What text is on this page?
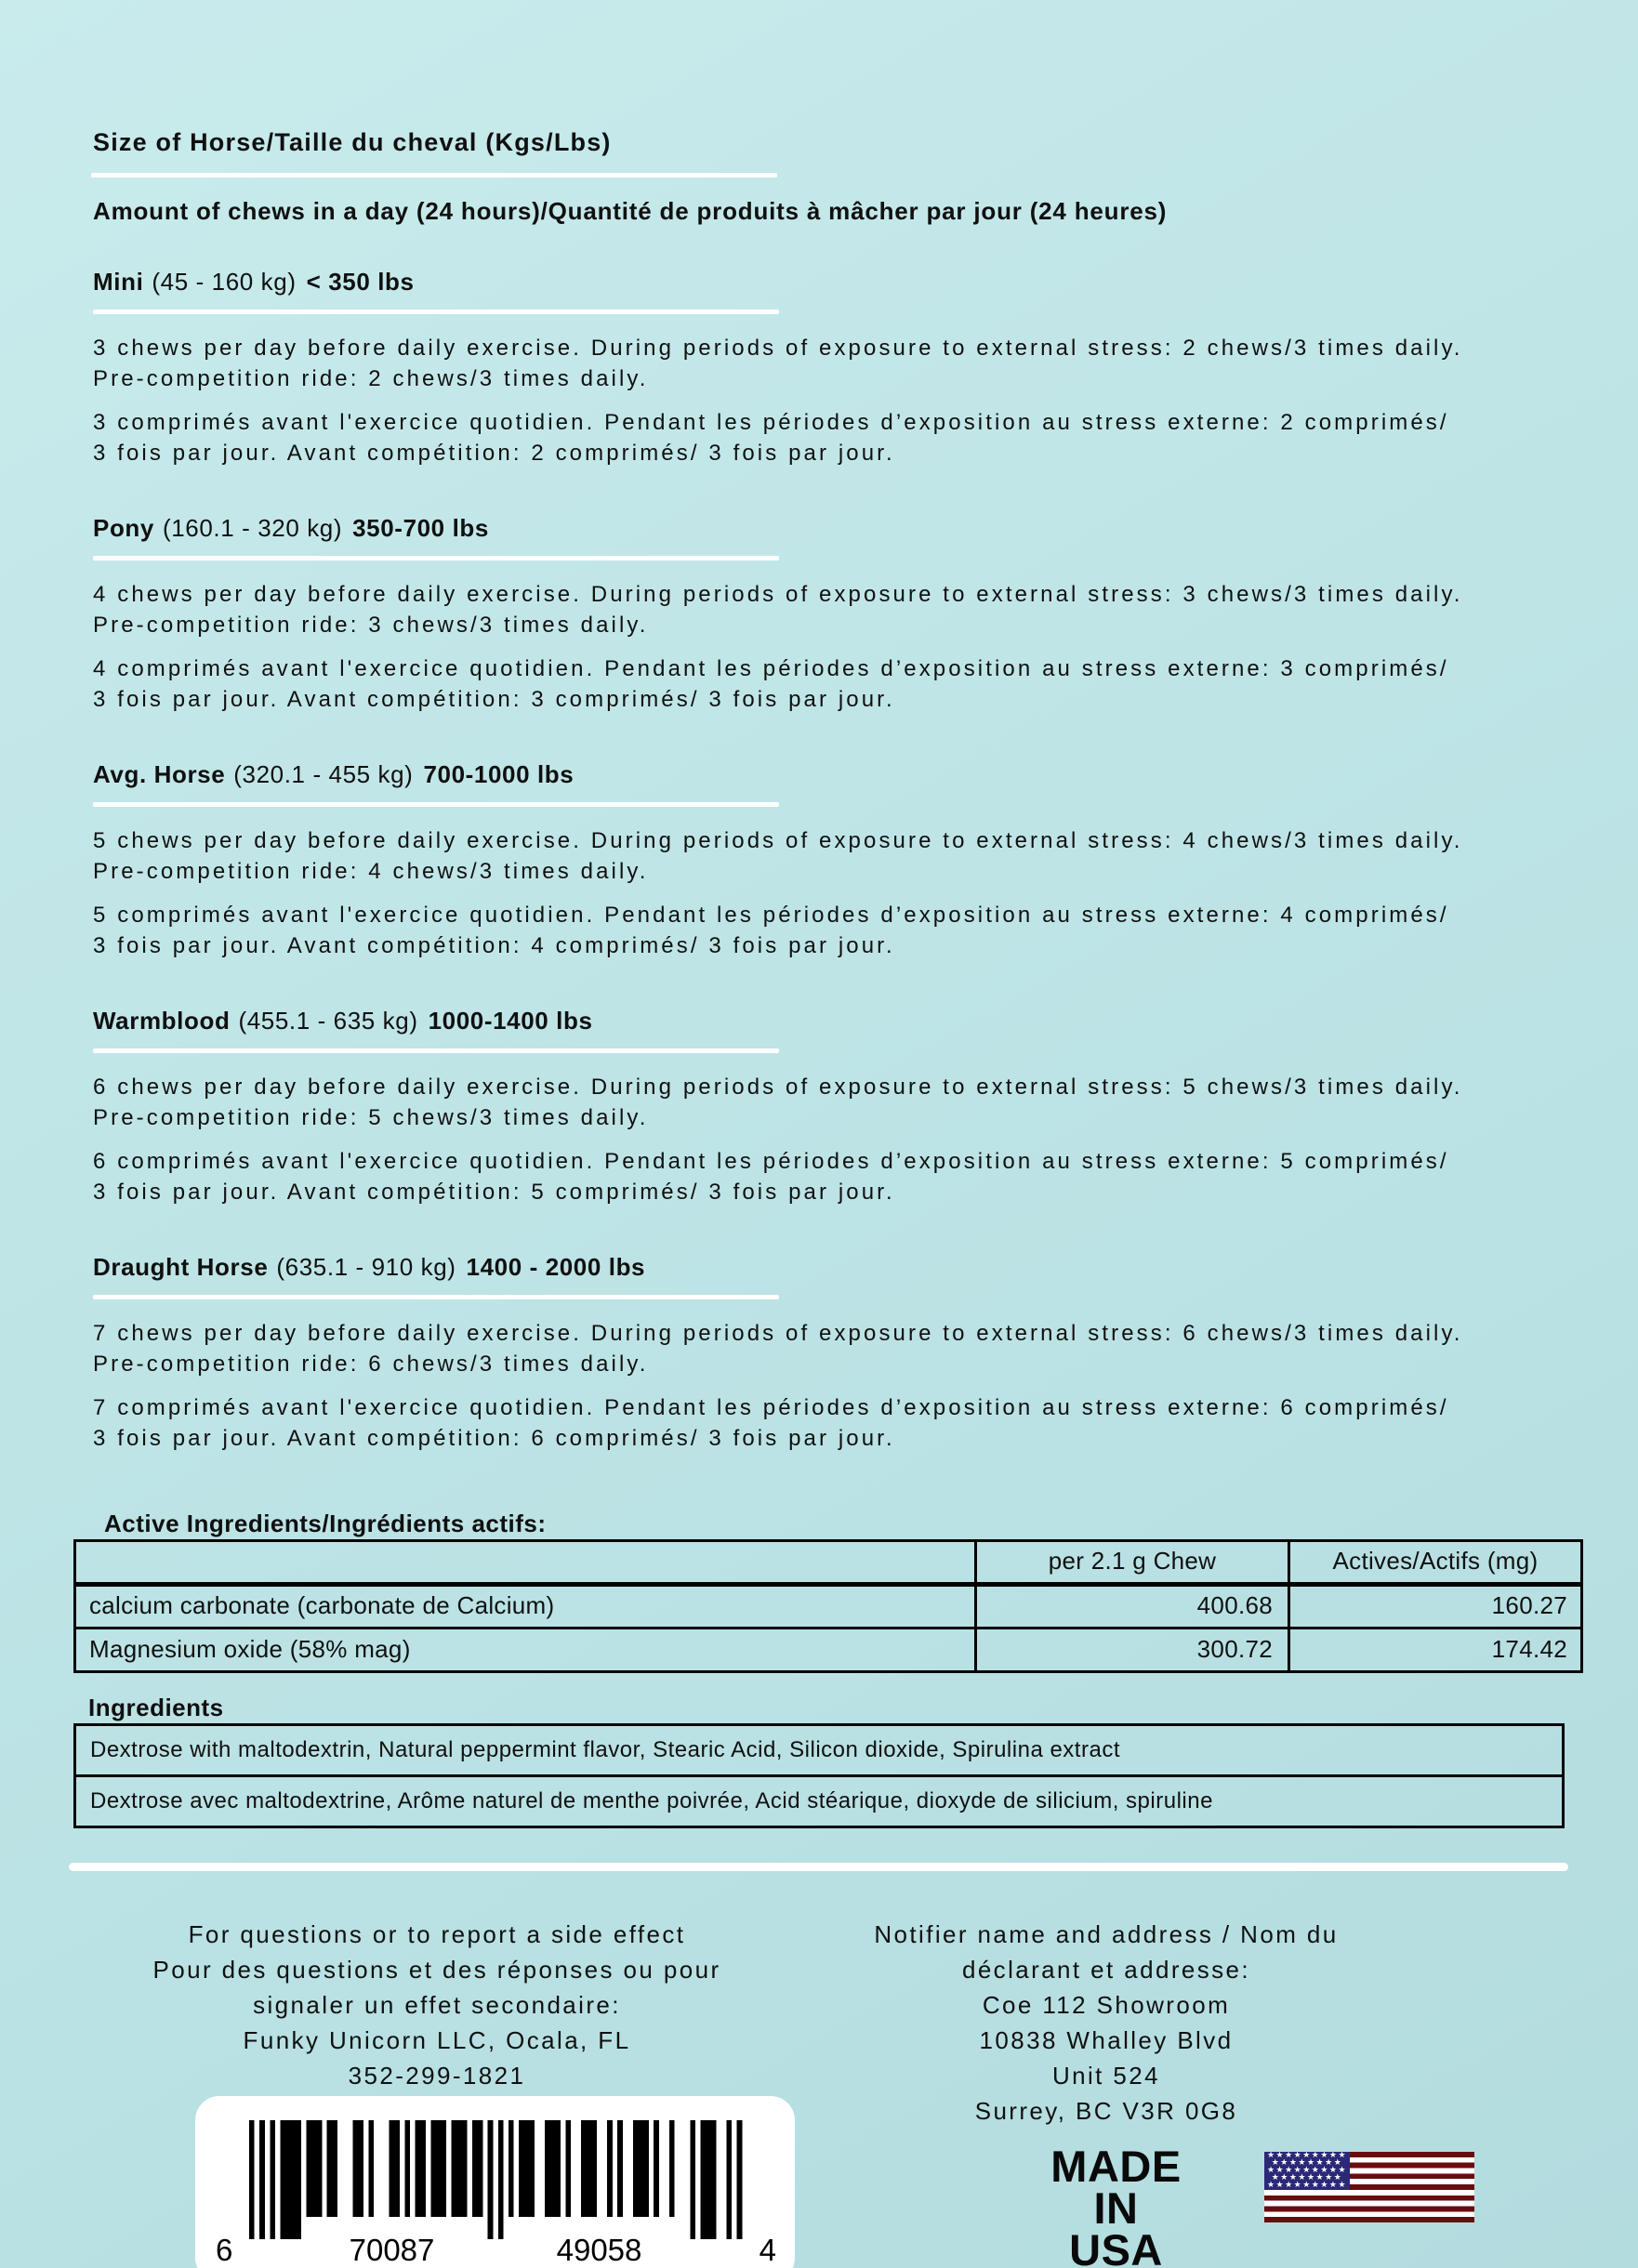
Size of Horse/Taille du cheval (Kgs/Lbs)
Amount of chews in a day (24 hours)/Quantité de produits à mâcher par jour (24 heures)
Mini (45 - 160 kg) < 350 lbs

3 chews per day before daily exercise. During periods of exposure to external stress: 2 chews/3 times daily. Pre-competition ride: 2 chews/3 times daily.

3 comprimés avant l'exercice quotidien. Pendant les périodes d’exposition au stress externe: 2 comprimés/ 3 fois par jour. Avant compétition: 2 comprimés/ 3 fois par jour.

Pony (160.1 - 320 kg) 350-700 lbs

4 chews per day before daily exercise. During periods of exposure to external stress: 3 chews/3 times daily. Pre-competition ride: 3 chews/3 times daily.

4 comprimés avant l'exercice quotidien. Pendant les périodes d’exposition au stress externe: 3 comprimés/ 3 fois par jour. Avant compétition: 3 comprimés/ 3 fois par jour.

Avg. Horse (320.1 - 455 kg) 700-1000 lbs

5 chews per day before daily exercise. During periods of exposure to external stress: 4 chews/3 times daily. Pre-competition ride: 4 chews/3 times daily.

5 comprimés avant l'exercice quotidien. Pendant les périodes d’exposition au stress externe: 4 comprimés/ 3 fois par jour. Avant compétition: 4 comprimés/ 3 fois par jour.

Warmblood (455.1 - 635 kg) 1000-1400 lbs

6 chews per day before daily exercise. During periods of exposure to external stress: 5 chews/3 times daily. Pre-competition ride: 5 chews/3 times daily.

6 comprimés avant l'exercice quotidien. Pendant les périodes d’exposition au stress externe: 5 comprimés/ 3 fois par jour. Avant compétition: 5 comprimés/ 3 fois par jour.

Draught Horse (635.1 - 910 kg) 1400 - 2000 lbs

7 chews per day before daily exercise. During periods of exposure to external stress: 6 chews/3 times daily. Pre-competition ride: 6 chews/3 times daily.

7 comprimés avant l'exercice quotidien. Pendant les périodes d’exposition au stress externe: 6 comprimés/ 3 fois par jour. Avant compétition: 6 comprimés/ 3 fois par jour.

Active Ingredients/Ingrédients actifs:
	per 2.1 g Chew	Actives/Actifs (mg)
calcium carbonate (carbonate de Calcium)	400.68	160.27
Magnesium oxide (58% mag)	300.72	174.42
Ingredients
Dextrose with maltodextrin, Natural peppermint flavor, Stearic Acid, Silicon dioxide, Spirulina extract
Dextrose avec maltodextrine, Arôme naturel de menthe poivrée, Acid stéarique, dioxyde de silicium, spiruline
For questions or to report a side effect
Pour des questions et des réponses ou pour
signaler un effet secondaire:
Funky Unicorn LLC, Ocala, FL
352-299-1821
Notifier name and address / Nom du
déclarant et addresse:
Coe 112 Showroom
10838 Whalley Blvd
Unit 524
Surrey, BC V3R 0G8
6	70087	49058	4
MADE
IN
USA
★★★★★★★★★
★★★★★★★★
★★★★★★★★★
★★★★★★★★
★★★★★★★★★
